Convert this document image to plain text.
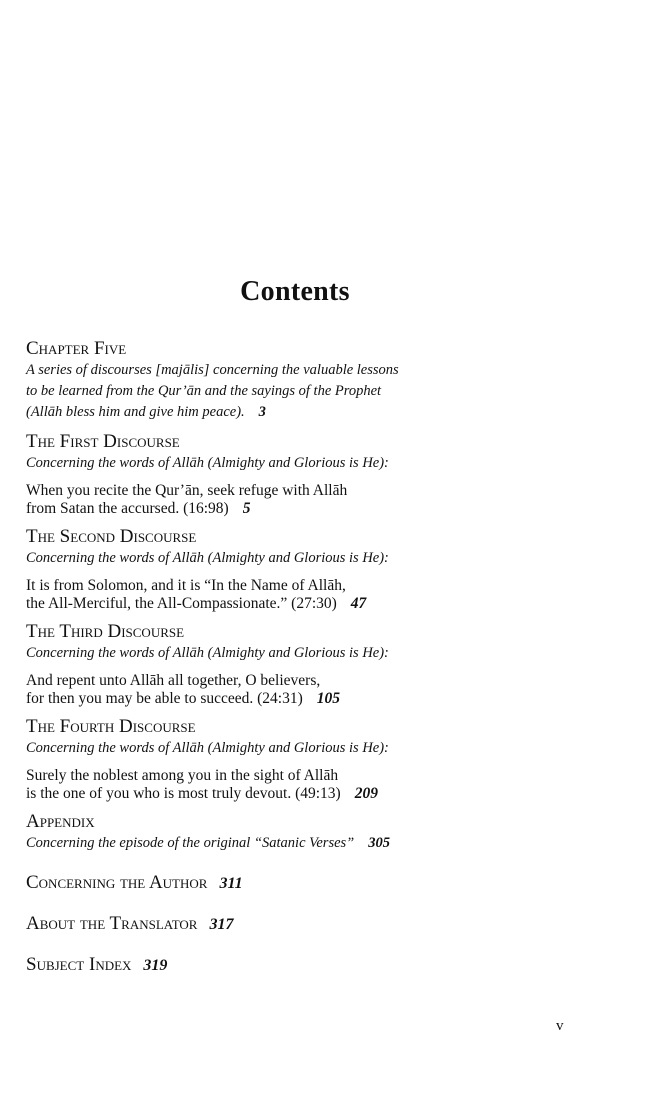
Contents
Chapter Five
A series of discourses [majālis] concerning the valuable lessons
to be learned from the Qur’ān and the sayings of the Prophet
(Allāh bless him and give him peace). 3
The First Discourse
Concerning the words of Allāh (Almighty and Glorious is He):
When you recite the Qur’ān, seek refuge with Allāh
from Satan the accursed. (16:98) 5
The Second Discourse
Concerning the words of Allāh (Almighty and Glorious is He):
It is from Solomon, and it is “In the Name of Allāh,
the All-Merciful, the All-Compassionate.” (27:30) 47
The Third Discourse
Concerning the words of Allāh (Almighty and Glorious is He):
And repent unto Allāh all together, O believers,
for then you may be able to succeed. (24:31) 105
The Fourth Discourse
Concerning the words of Allāh (Almighty and Glorious is He):
Surely the noblest among you in the sight of Allāh
is the one of you who is most truly devout. (49:13) 209
Appendix
Concerning the episode of the original “Satanic Verses” 305
Concerning the Author 311
About the Translator 317
Subject Index 319
v
